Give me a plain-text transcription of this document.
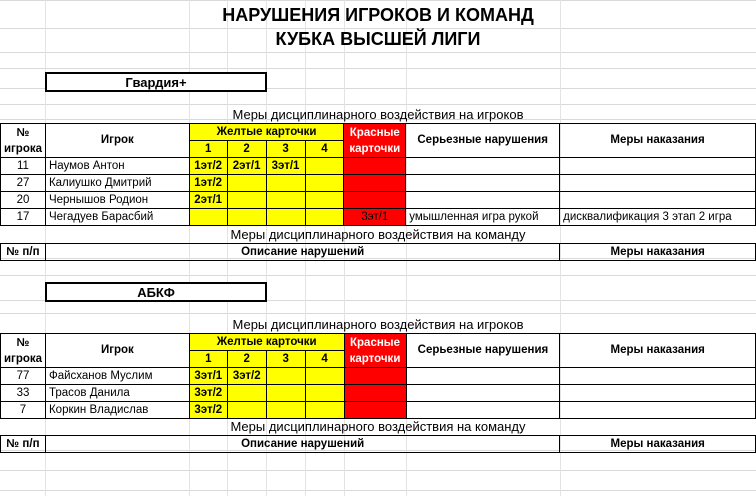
НАРУШЕНИЯ ИГРОКОВ И КОМАНД
КУБКА ВЫСШЕЙ ЛИГИ
Гвардия+
Меры дисциплинарного воздействия на игроков
№ игрока	Игрок	Желтые карточки				Красные карточки	Серьезные нарушения	Меры наказания
		1	2	3	4			
11	Наумов Антон	1эт/2	2эт/1	3эт/1				
27	Калиушко Дмитрий	1эт/2						
20	Чернышов Родион	2эт/1						
17	Чегадуев Барасбий					3эт/1	умышленная игра рукой	дисквалификация 3 этап 2 игра
Меры дисциплинарного воздействия на команду
№ п/п	Описание нарушений	Меры наказания
АБКФ
Меры дисциплинарного воздействия на игроков
№ игрока	Игрок	Желтые карточки				Красные карточки	Серьезные нарушения	Меры наказания
		1	2	3	4			
77	Файсханов Муслим	3эт/1	3эт/2					
33	Трасов Данила	3эт/2						
7	Коркин Владислав	3эт/2						
Меры дисциплинарного воздействия на команду
№ п/п	Описание нарушений	Меры наказания
